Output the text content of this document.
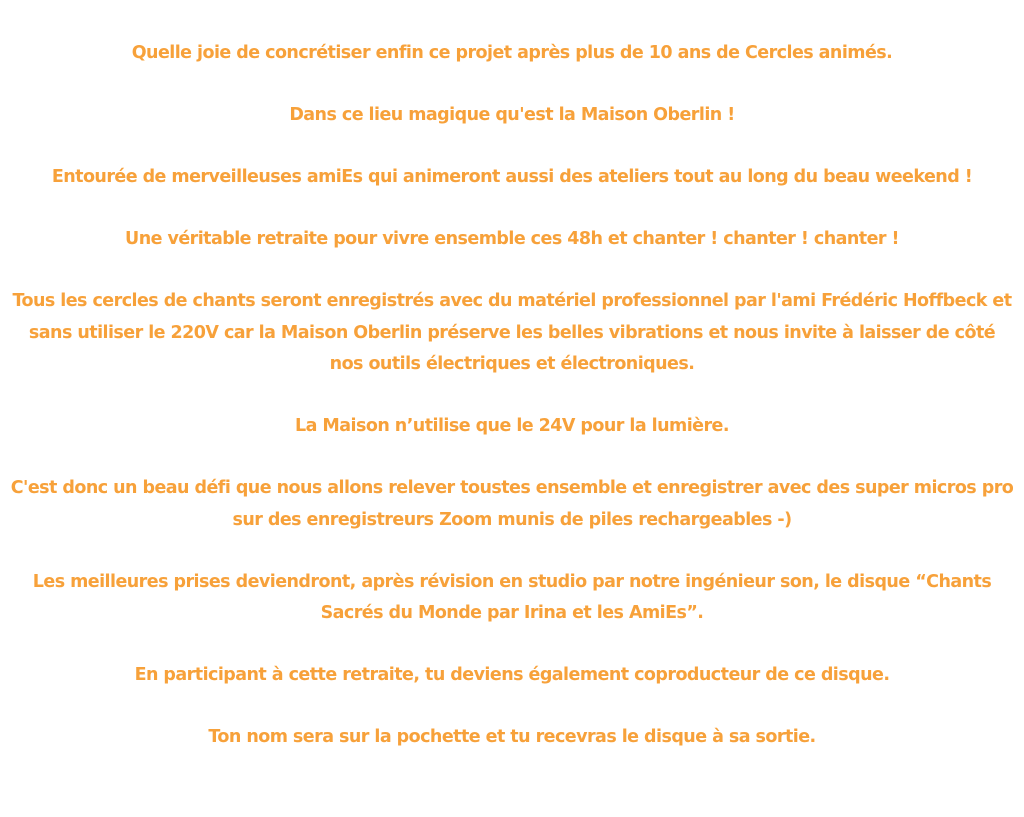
Quelle joie de concrétiser enfin ce projet après plus de 10 ans de Cercles animés.

Dans ce lieu magique qu'est la Maison Oberlin !

Entourée de merveilleuses amiEs qui animeront aussi des ateliers tout au long du beau weekend !

Une véritable retraite pour vivre ensemble ces 48h et chanter ! chanter ! chanter !

Tous les cercles de chants seront enregistrés avec du matériel professionnel par l'ami Frédéric Hoffbeck et sans utiliser le 220V car la Maison Oberlin préserve les belles vibrations et nous invite à laisser de côté nos outils électriques et électroniques.

La Maison n’utilise que le 24V pour la lumière.

C'est donc un beau défi que nous allons relever toustes ensemble et enregistrer avec des super micros pro sur des enregistreurs Zoom munis de piles rechargeables -)

Les meilleures prises deviendront, après révision en studio par notre ingénieur son, le disque “Chants Sacrés du Monde par Irina et les AmiEs”.

En participant à cette retraite, tu deviens également coproducteur de ce disque.

Ton nom sera sur la pochette et tu recevras le disque à sa sortie.
